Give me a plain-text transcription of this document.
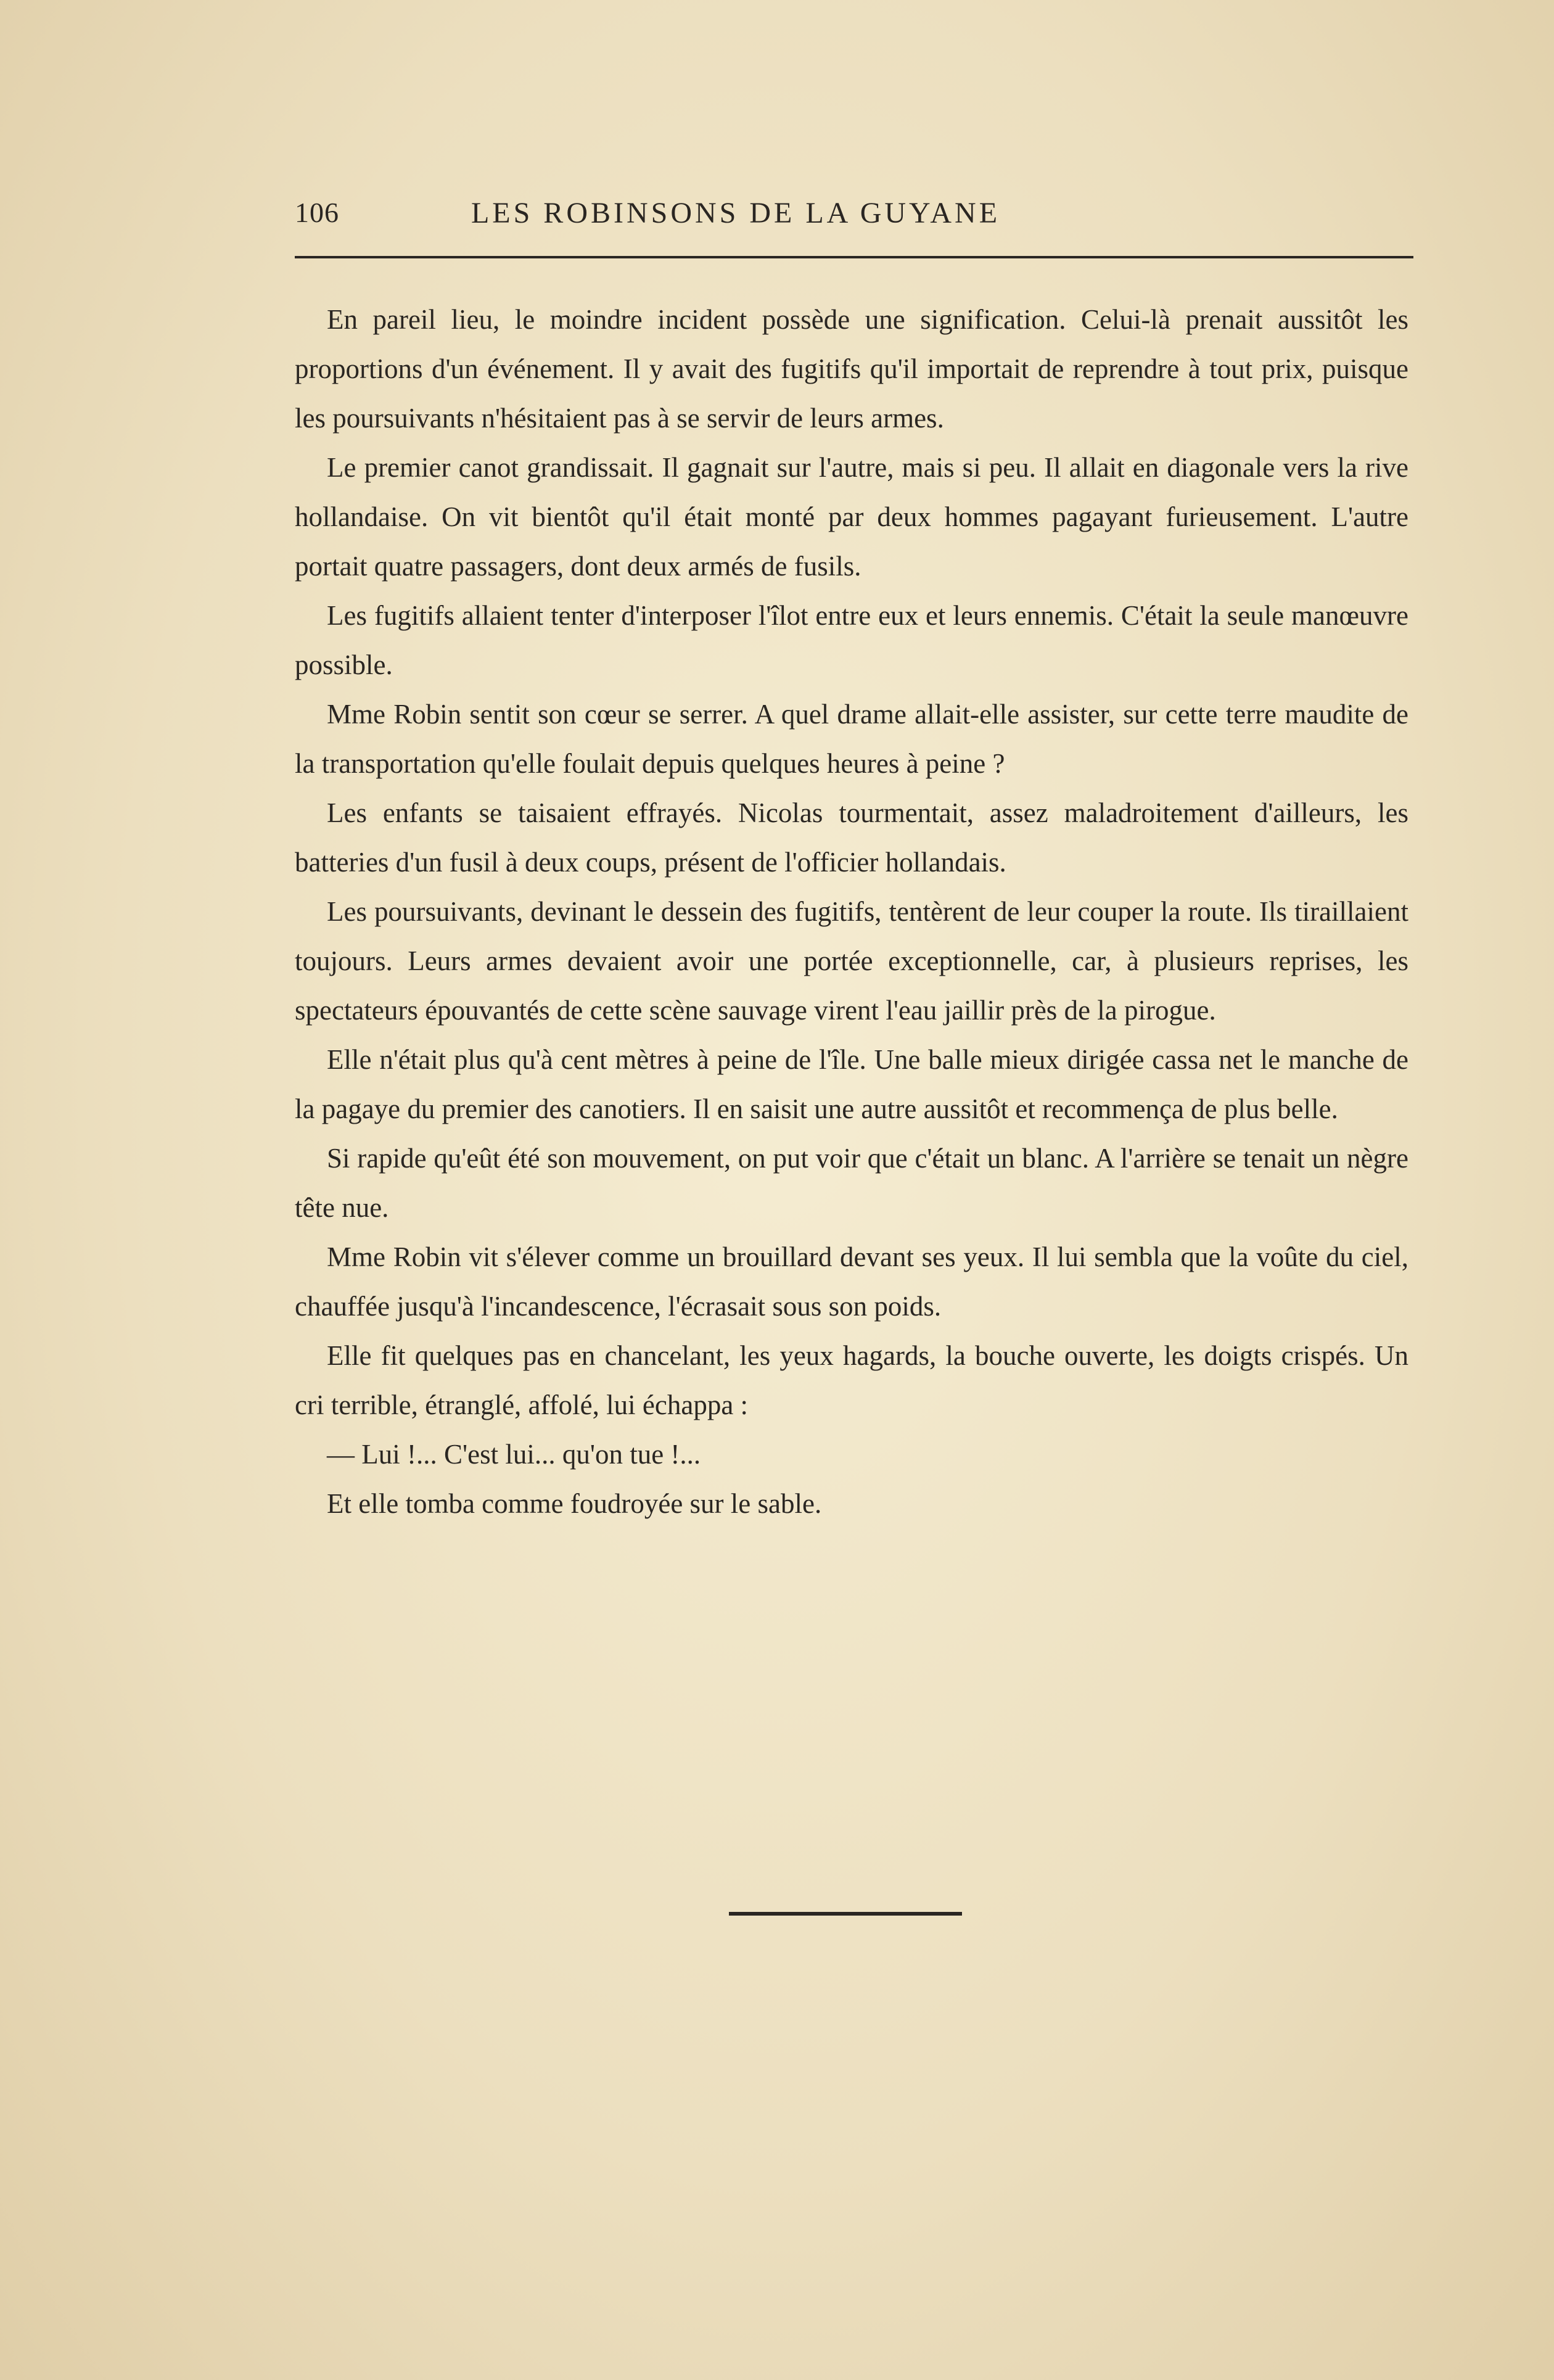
106	LES ROBINSONS DE LA GUYANE

En pareil lieu, le moindre incident possède une signification. Celui-là prenait aussitôt les proportions d'un événement. Il y avait des fugitifs qu'il importait de reprendre à tout prix, puisque les poursuivants n'hésitaient pas à se servir de leurs armes.

Le premier canot grandissait. Il gagnait sur l'autre, mais si peu. Il allait en diagonale vers la rive hollandaise. On vit bientôt qu'il était monté par deux hommes pagayant furieusement. L'autre portait quatre passagers, dont deux armés de fusils.

Les fugitifs allaient tenter d'interposer l'îlot entre eux et leurs ennemis. C'était la seule manœuvre possible.

Mme Robin sentit son cœur se serrer. A quel drame allait-elle assister, sur cette terre maudite de la transportation qu'elle foulait depuis quelques heures à peine ?

Les enfants se taisaient effrayés. Nicolas tourmentait, assez maladroitement d'ailleurs, les batteries d'un fusil à deux coups, présent de l'officier hollandais.

Les poursuivants, devinant le dessein des fugitifs, tentèrent de leur couper la route. Ils tiraillaient toujours. Leurs armes devaient avoir une portée exceptionnelle, car, à plusieurs reprises, les spectateurs épouvantés de cette scène sauvage virent l'eau jaillir près de la pirogue.

Elle n'était plus qu'à cent mètres à peine de l'île. Une balle mieux dirigée cassa net le manche de la pagaye du premier des canotiers. Il en saisit une autre aussitôt et recommença de plus belle.

Si rapide qu'eût été son mouvement, on put voir que c'était un blanc. A l'arrière se tenait un nègre tête nue.

Mme Robin vit s'élever comme un brouillard devant ses yeux. Il lui sembla que la voûte du ciel, chauffée jusqu'à l'incandescence, l'écrasait sous son poids.

Elle fit quelques pas en chancelant, les yeux hagards, la bouche ouverte, les doigts crispés. Un cri terrible, étranglé, affolé, lui échappa :

— Lui !... C'est lui... qu'on tue !...

Et elle tomba comme foudroyée sur le sable.
